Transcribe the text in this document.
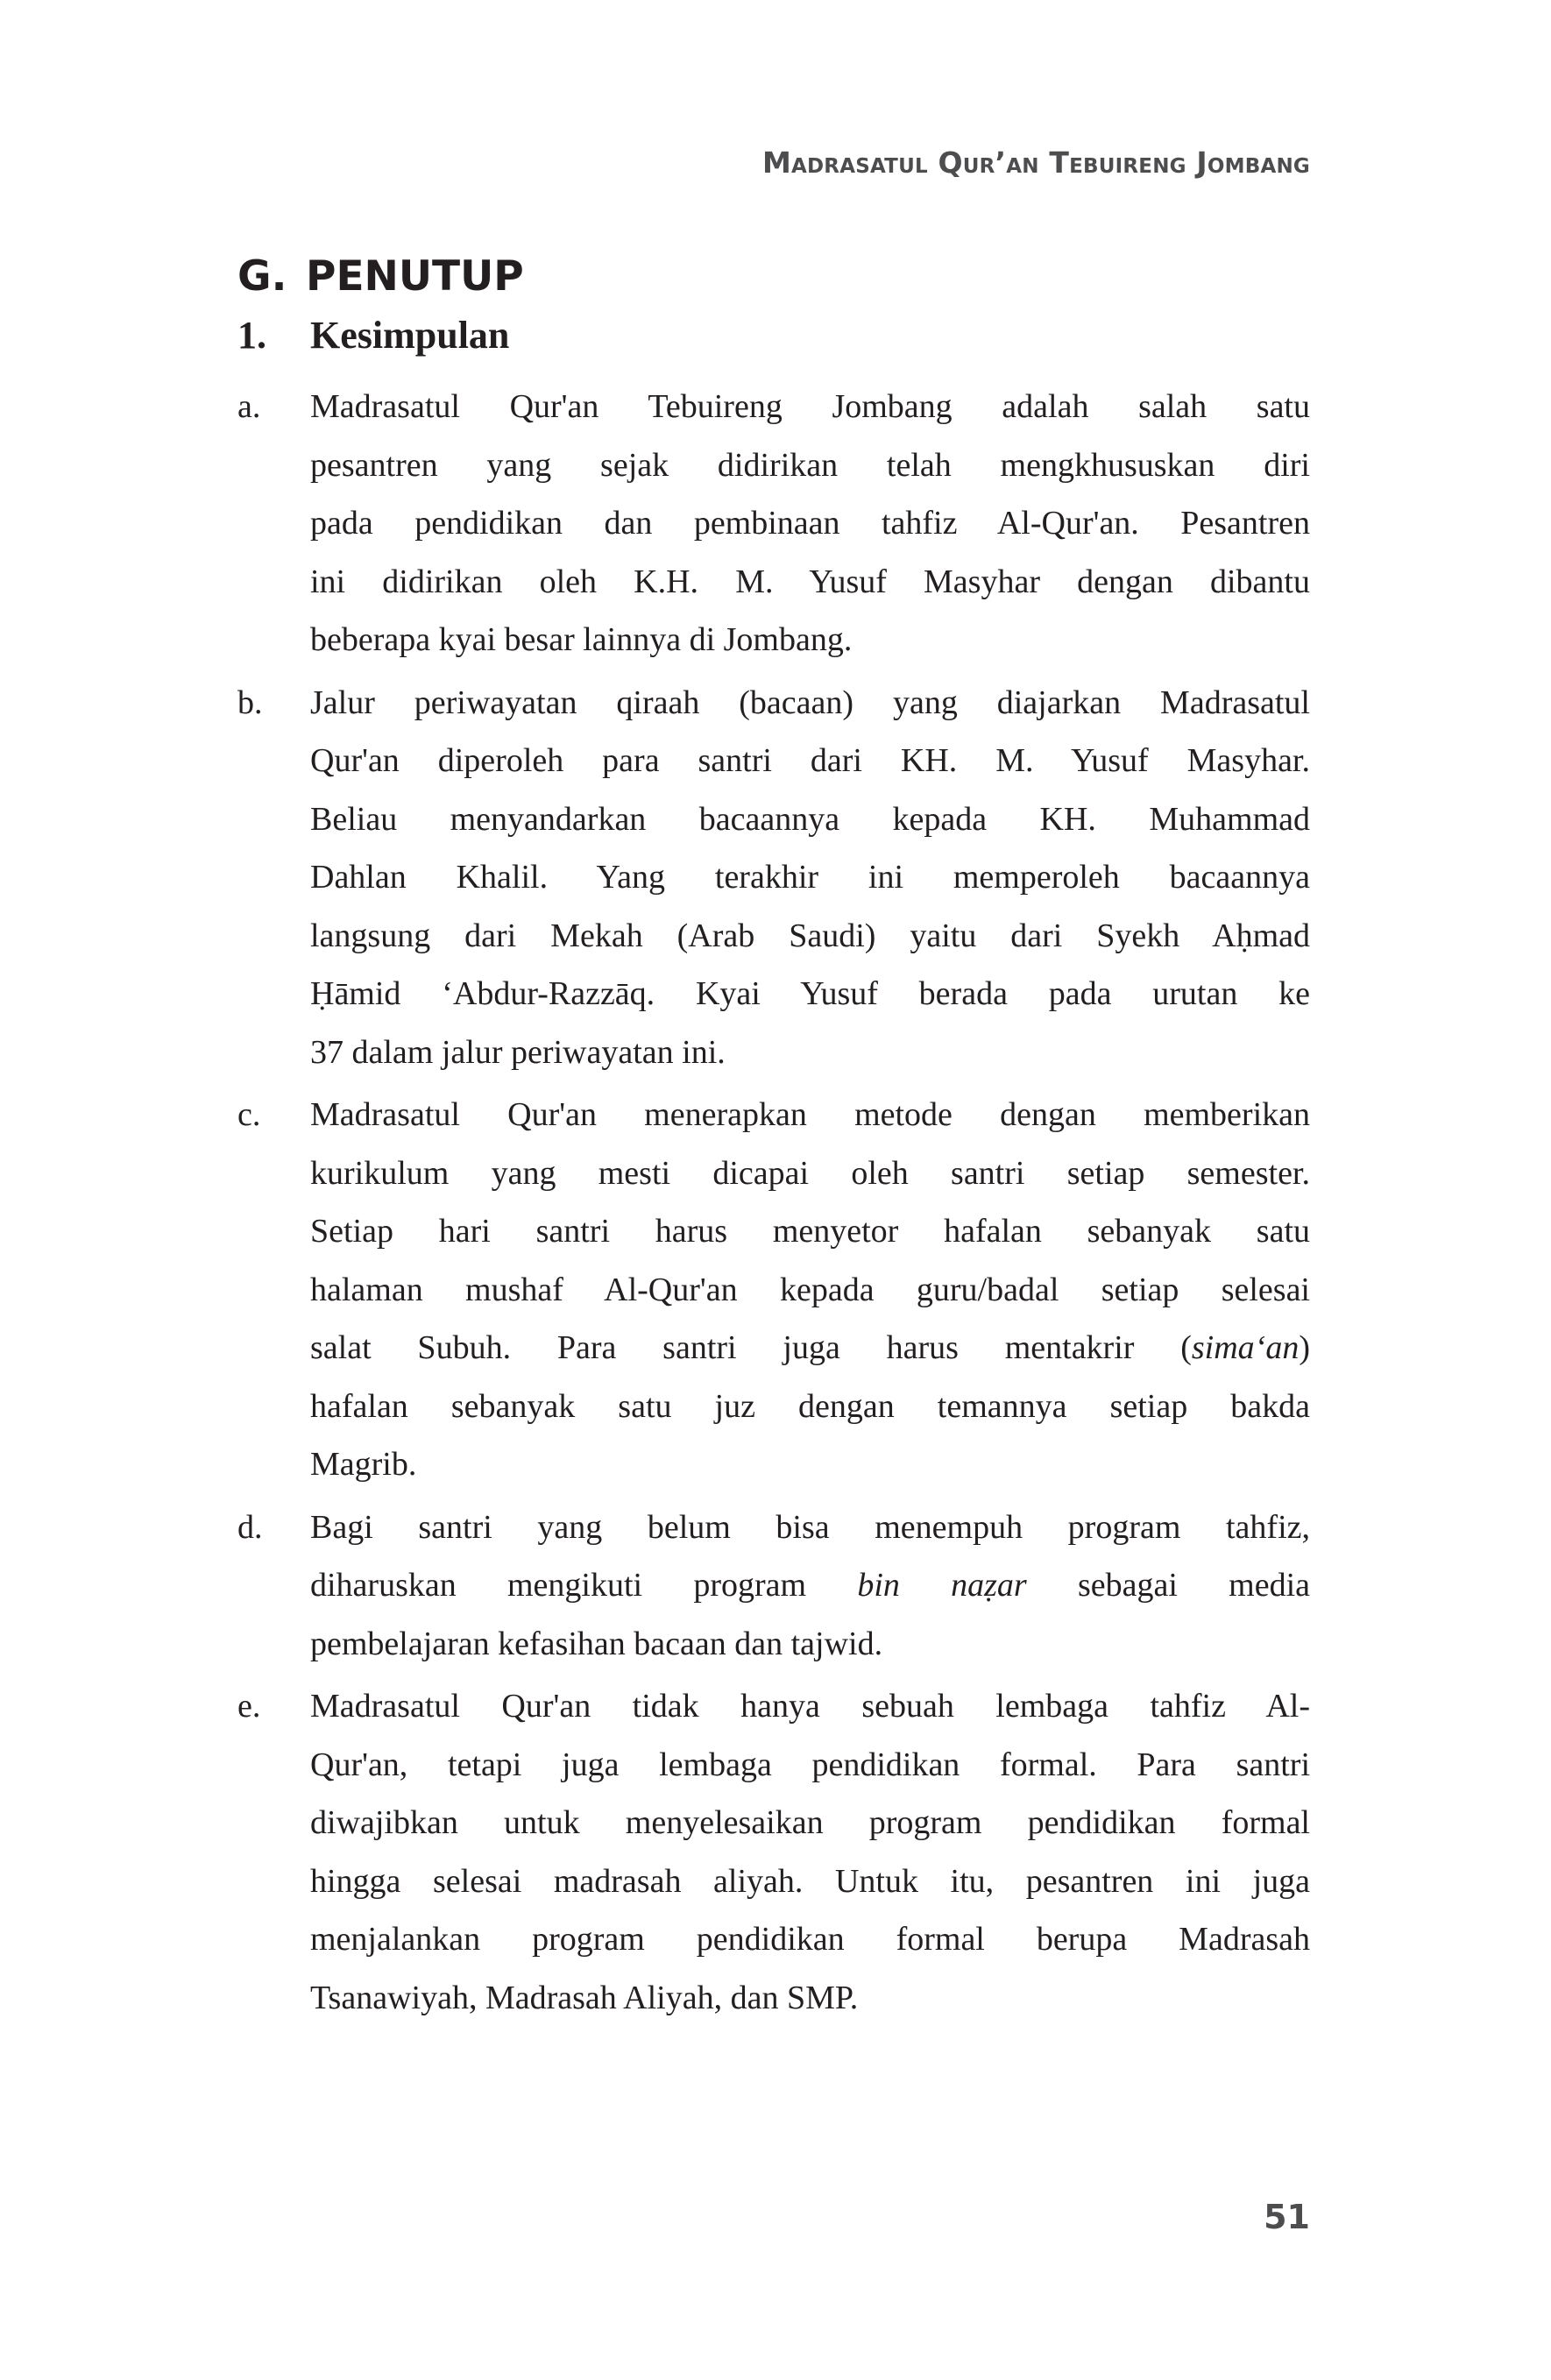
Madrasatul Qur’an Tebuireng Jombang
G. PENUTUP
1. Kesimpulan
a. Madrasatul Qur'an Tebuireng Jombang adalah salah satu
pesantren yang sejak didirikan telah mengkhususkan diri
pada pendidikan dan pembinaan tahfiz Al-Qur'an. Pesantren
ini didirikan oleh K.H. M. Yusuf Masyhar dengan dibantu
beberapa kyai besar lainnya di Jombang.
b. Jalur periwayatan qiraah (bacaan) yang diajarkan Madrasatul
Qur'an diperoleh para santri dari KH. M. Yusuf Masyhar.
Beliau menyandarkan bacaannya kepada KH. Muhammad
Dahlan Khalil. Yang terakhir ini memperoleh bacaannya
langsung dari Mekah (Arab Saudi) yaitu dari Syekh Aḥmad
Ḥāmid ‘Abdur-Razzāq. Kyai Yusuf berada pada urutan ke
37 dalam jalur periwayatan ini.
c. Madrasatul Qur'an menerapkan metode dengan memberikan
kurikulum yang mesti dicapai oleh santri setiap semester.
Setiap hari santri harus menyetor hafalan sebanyak satu
halaman mushaf Al-Qur'an kepada guru/badal setiap selesai
salat Subuh. Para santri juga harus mentakrir (sima‘an)
hafalan sebanyak satu juz dengan temannya setiap bakda
Magrib.
d. Bagi santri yang belum bisa menempuh program tahfiz,
diharuskan mengikuti program bin naẓar sebagai media
pembelajaran kefasihan bacaan dan tajwid.
e. Madrasatul Qur'an tidak hanya sebuah lembaga tahfiz Al-
Qur'an, tetapi juga lembaga pendidikan formal. Para santri
diwajibkan untuk menyelesaikan program pendidikan formal
hingga selesai madrasah aliyah. Untuk itu, pesantren ini juga
menjalankan program pendidikan formal berupa Madrasah
Tsanawiyah, Madrasah Aliyah, dan SMP.
51
